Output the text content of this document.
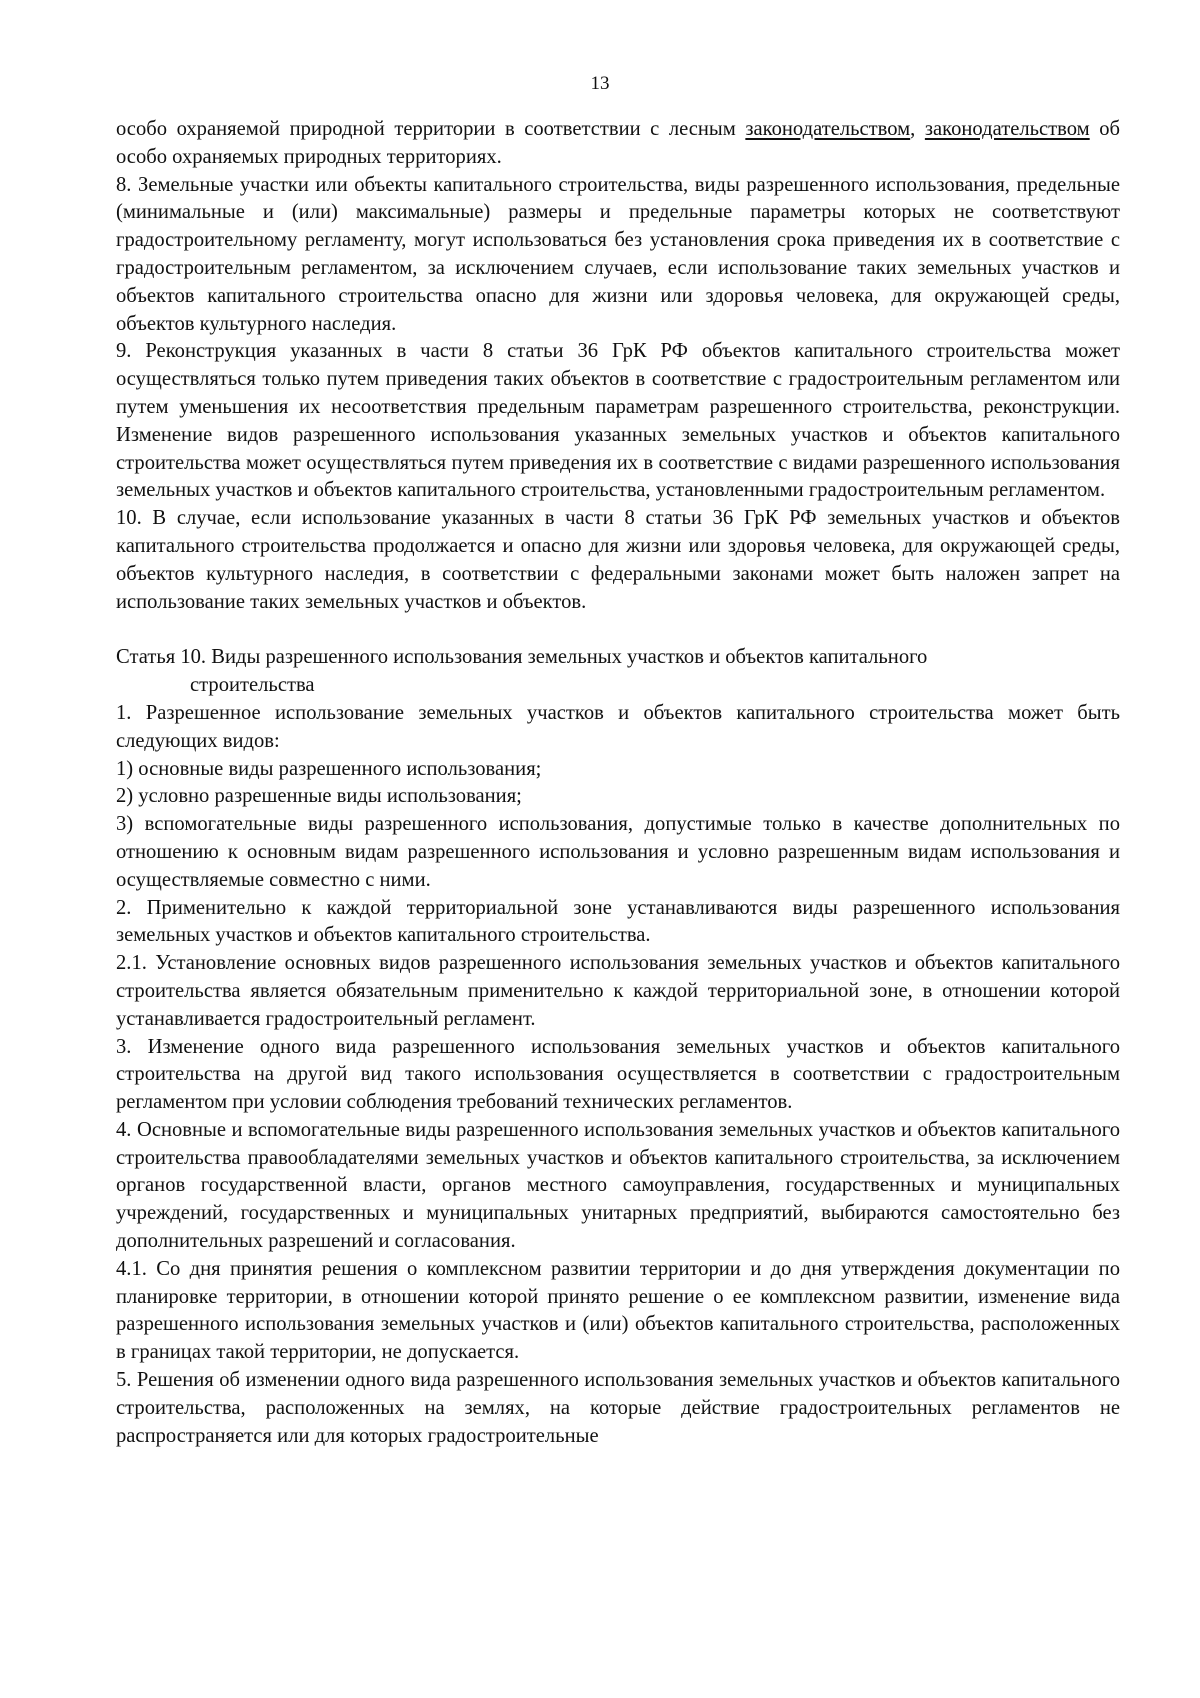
13

особо охраняемой природной территории в соответствии с лесным законодательством, законодательством об особо охраняемых природных территориях.

8. Земельные участки или объекты капитального строительства, виды разрешенного использования, предельные (минимальные и (или) максимальные) размеры и предельные параметры которых не соответствуют градостроительному регламенту, могут использоваться без установления срока приведения их в соответствие с градостроительным регламентом, за исключением случаев, если использование таких земельных участков и объектов капитального строительства опасно для жизни или здоровья человека, для окружающей среды, объектов культурного наследия.

9. Реконструкция указанных в части 8 статьи 36 ГрК РФ объектов капитального строительства может осуществляться только путем приведения таких объектов в соответствие с градостроительным регламентом или путем уменьшения их несоответствия предельным параметрам разрешенного строительства, реконструкции. Изменение видов разрешенного использования указанных земельных участков и объектов капитального строительства может осуществляться путем приведения их в соответствие с видами разрешенного использования земельных участков и объектов капитального строительства, установленными градостроительным регламентом.

10. В случае, если использование указанных в части 8 статьи 36 ГрК РФ земельных участков и объектов капитального строительства продолжается и опасно для жизни или здоровья человека, для окружающей среды, объектов культурного наследия, в соответствии с федеральными законами может быть наложен запрет на использование таких земельных участков и объектов.

Статья 10. Виды разрешенного использования земельных участков и объектов капитального
строительства

1. Разрешенное использование земельных участков и объектов капитального строительства может быть следующих видов:

1) основные виды разрешенного использования;

2) условно разрешенные виды использования;

3) вспомогательные виды разрешенного использования, допустимые только в качестве дополнительных по отношению к основным видам разрешенного использования и условно разрешенным видам использования и осуществляемые совместно с ними.

2. Применительно к каждой территориальной зоне устанавливаются виды разрешенного использования земельных участков и объектов капитального строительства.

2.1. Установление основных видов разрешенного использования земельных участков и объектов капитального строительства является обязательным применительно к каждой территориальной зоне, в отношении которой устанавливается градостроительный регламент.

3. Изменение одного вида разрешенного использования земельных участков и объектов капитального строительства на другой вид такого использования осуществляется в соответствии с градостроительным регламентом при условии соблюдения требований технических регламентов.

4. Основные и вспомогательные виды разрешенного использования земельных участков и объектов капитального строительства правообладателями земельных участков и объектов капитального строительства, за исключением органов государственной власти, органов местного самоуправления, государственных и муниципальных учреждений, государственных и муниципальных унитарных предприятий, выбираются самостоятельно без дополнительных разрешений и согласования.

4.1. Со дня принятия решения о комплексном развитии территории и до дня утверждения документации по планировке территории, в отношении которой принято решение о ее комплексном развитии, изменение вида разрешенного использования земельных участков и (или) объектов капитального строительства, расположенных в границах такой территории, не допускается.

5. Решения об изменении одного вида разрешенного использования земельных участков и объектов капитального строительства, расположенных на землях, на которые действие градостроительных регламентов не распространяется или для которых градостроительные
